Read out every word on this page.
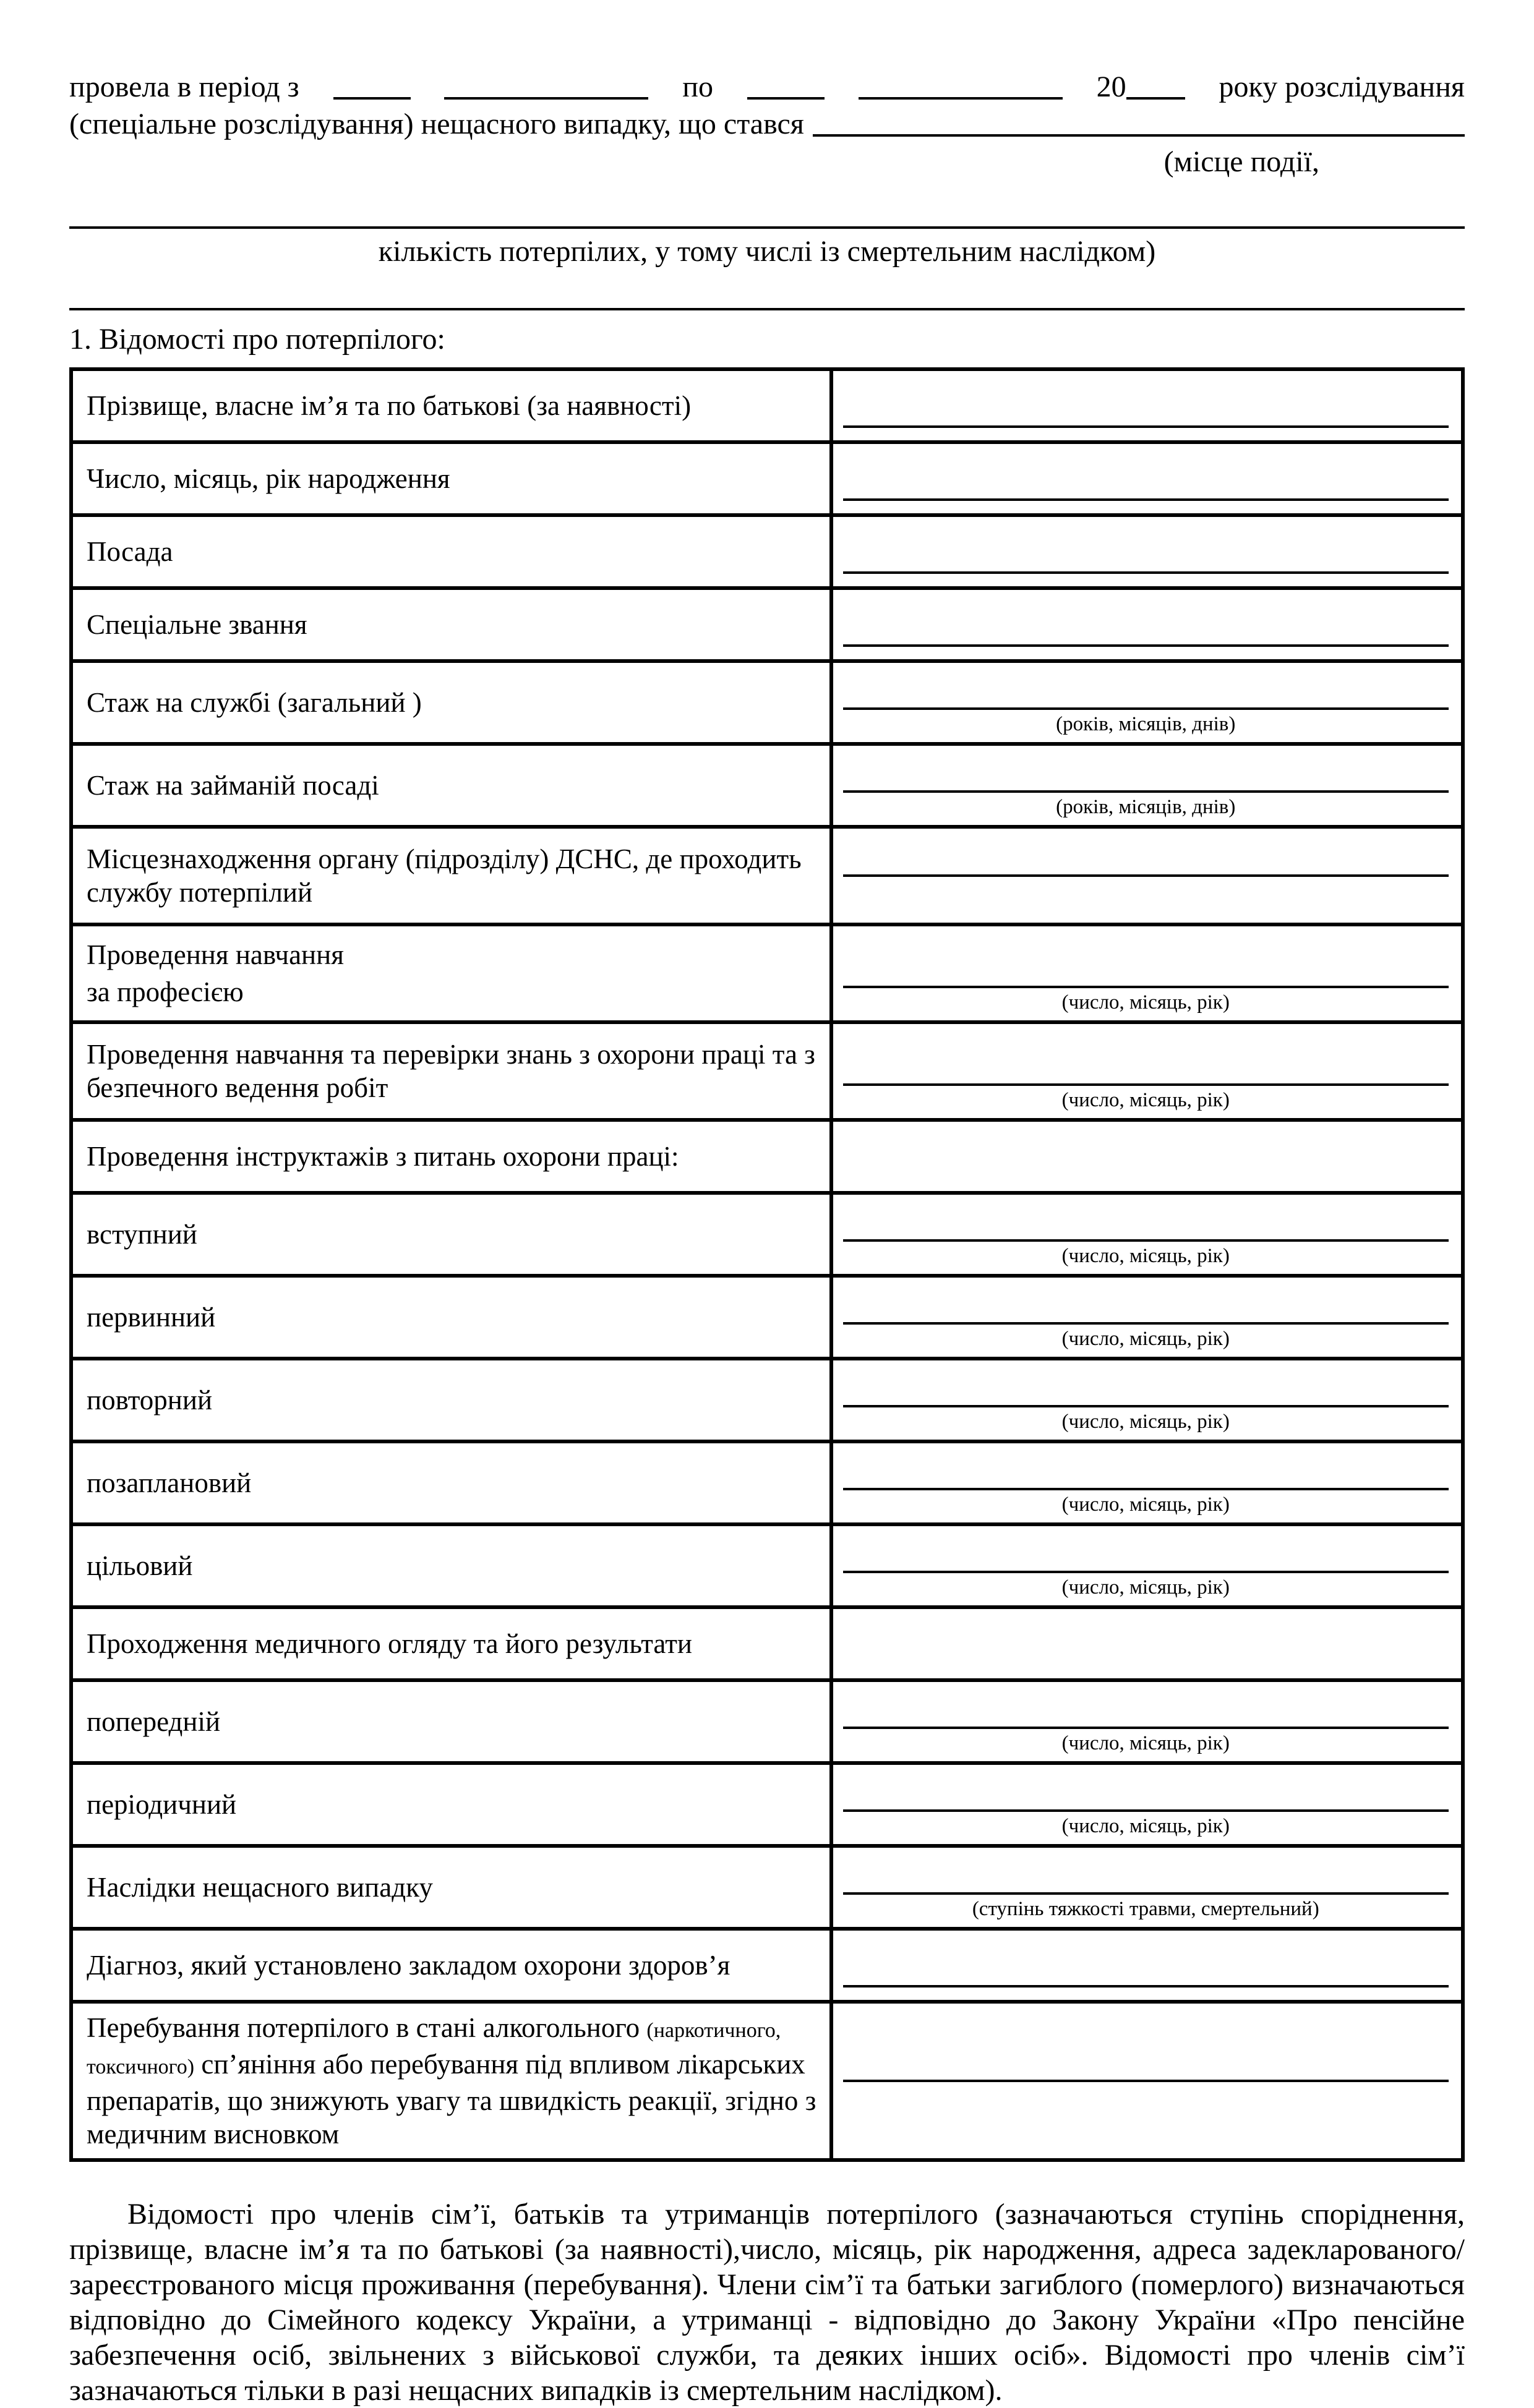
провела в період з	по	20	року розслідування
(спеціальне розслідування) нещасного випадку, що стався
(місце події,
кількість потерпілих, у тому числі із смертельним наслідком)
1. Відомості про потерпілого:
Прізвище, власне ім’я та по батькові (за наявності)	

Число, місяць, рік народження	

Посада	

Спеціальне звання	

Стаж на службі (загальний )	(років, місяців, днів)

Стаж на займаній посаді	(років, місяців, днів)

Місцезнаходження органу (підрозділу) ДСНС, де проходить службу потерпілий	

Проведення навчання
за професією	(число, місяць, рік)

Проведення навчання та перевірки знань з охорони праці та з безпечного ведення робіт	(число, місяць, рік)

Проведення інструктажів з питань охорони праці:	
вступний	(число, місяць, рік)

первинний	(число, місяць, рік)

повторний	(число, місяць, рік)

позаплановий	(число, місяць, рік)

цільовий	(число, місяць, рік)

Проходження медичного огляду та його результати	
попередній	(число, місяць, рік)

періодичний	(число, місяць, рік)

Наслідки нещасного випадку	(ступінь тяжкості травми, смертельний)

Діагноз, який установлено закладом охорони здоров’я	

Перебування потерпілого в стані алкогольного (наркотичного, токсичного) сп’яніння або перебування під впливом лікарських препаратів, що знижують увагу та швидкість реакції, згідно з медичним висновком	

Відомості про членів сім’ї, батьків та утриманців потерпілого (зазначаються ступінь споріднення, прізвище, власне ім’я та по батькові (за наявності),число, місяць, рік народження, адреса задекларованого/зареєстрованого місця проживання (перебування). Члени сім’ї та батьки загиблого (померлого) визначаються відповідно до Сімейного кодексу України, а утриманці - відповідно до Закону України «Про пенсійне забезпечення осіб, звільнених з військової служби, та деяких інших осіб». Відомості про членів сім’ї зазначаються тільки в разі нещасних випадків із смертельним наслідком).
